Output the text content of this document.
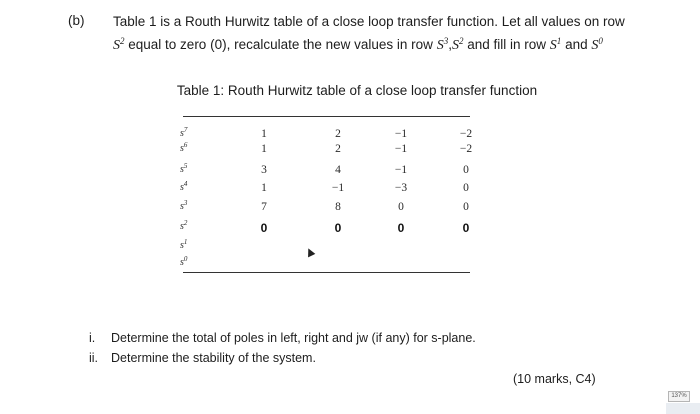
(b) Table 1 is a Routh Hurwitz table of a close loop transfer function. Let all values on row
$S^2$ equal to zero (0), recalculate the new values in row $S^3,S^2$ and fill in row $S^1$ and $S^0$
Table 1: Routh Hurwitz table of a close loop transfer function
$s^7$	1	2	−1	−2
$s^6$	1	2	−1	−2
$s^5$	3	4	−1	0
$s^4$	1	−1	−3	0
$s^3$	7	8	0	0
$s^2$	0	0	0	0
$s^1$
$s^0$
i. Determine the total of poles in left, right and jw (if any) for s-plane.
ii. Determine the stability of the system.
(10 marks, C4)
137%
